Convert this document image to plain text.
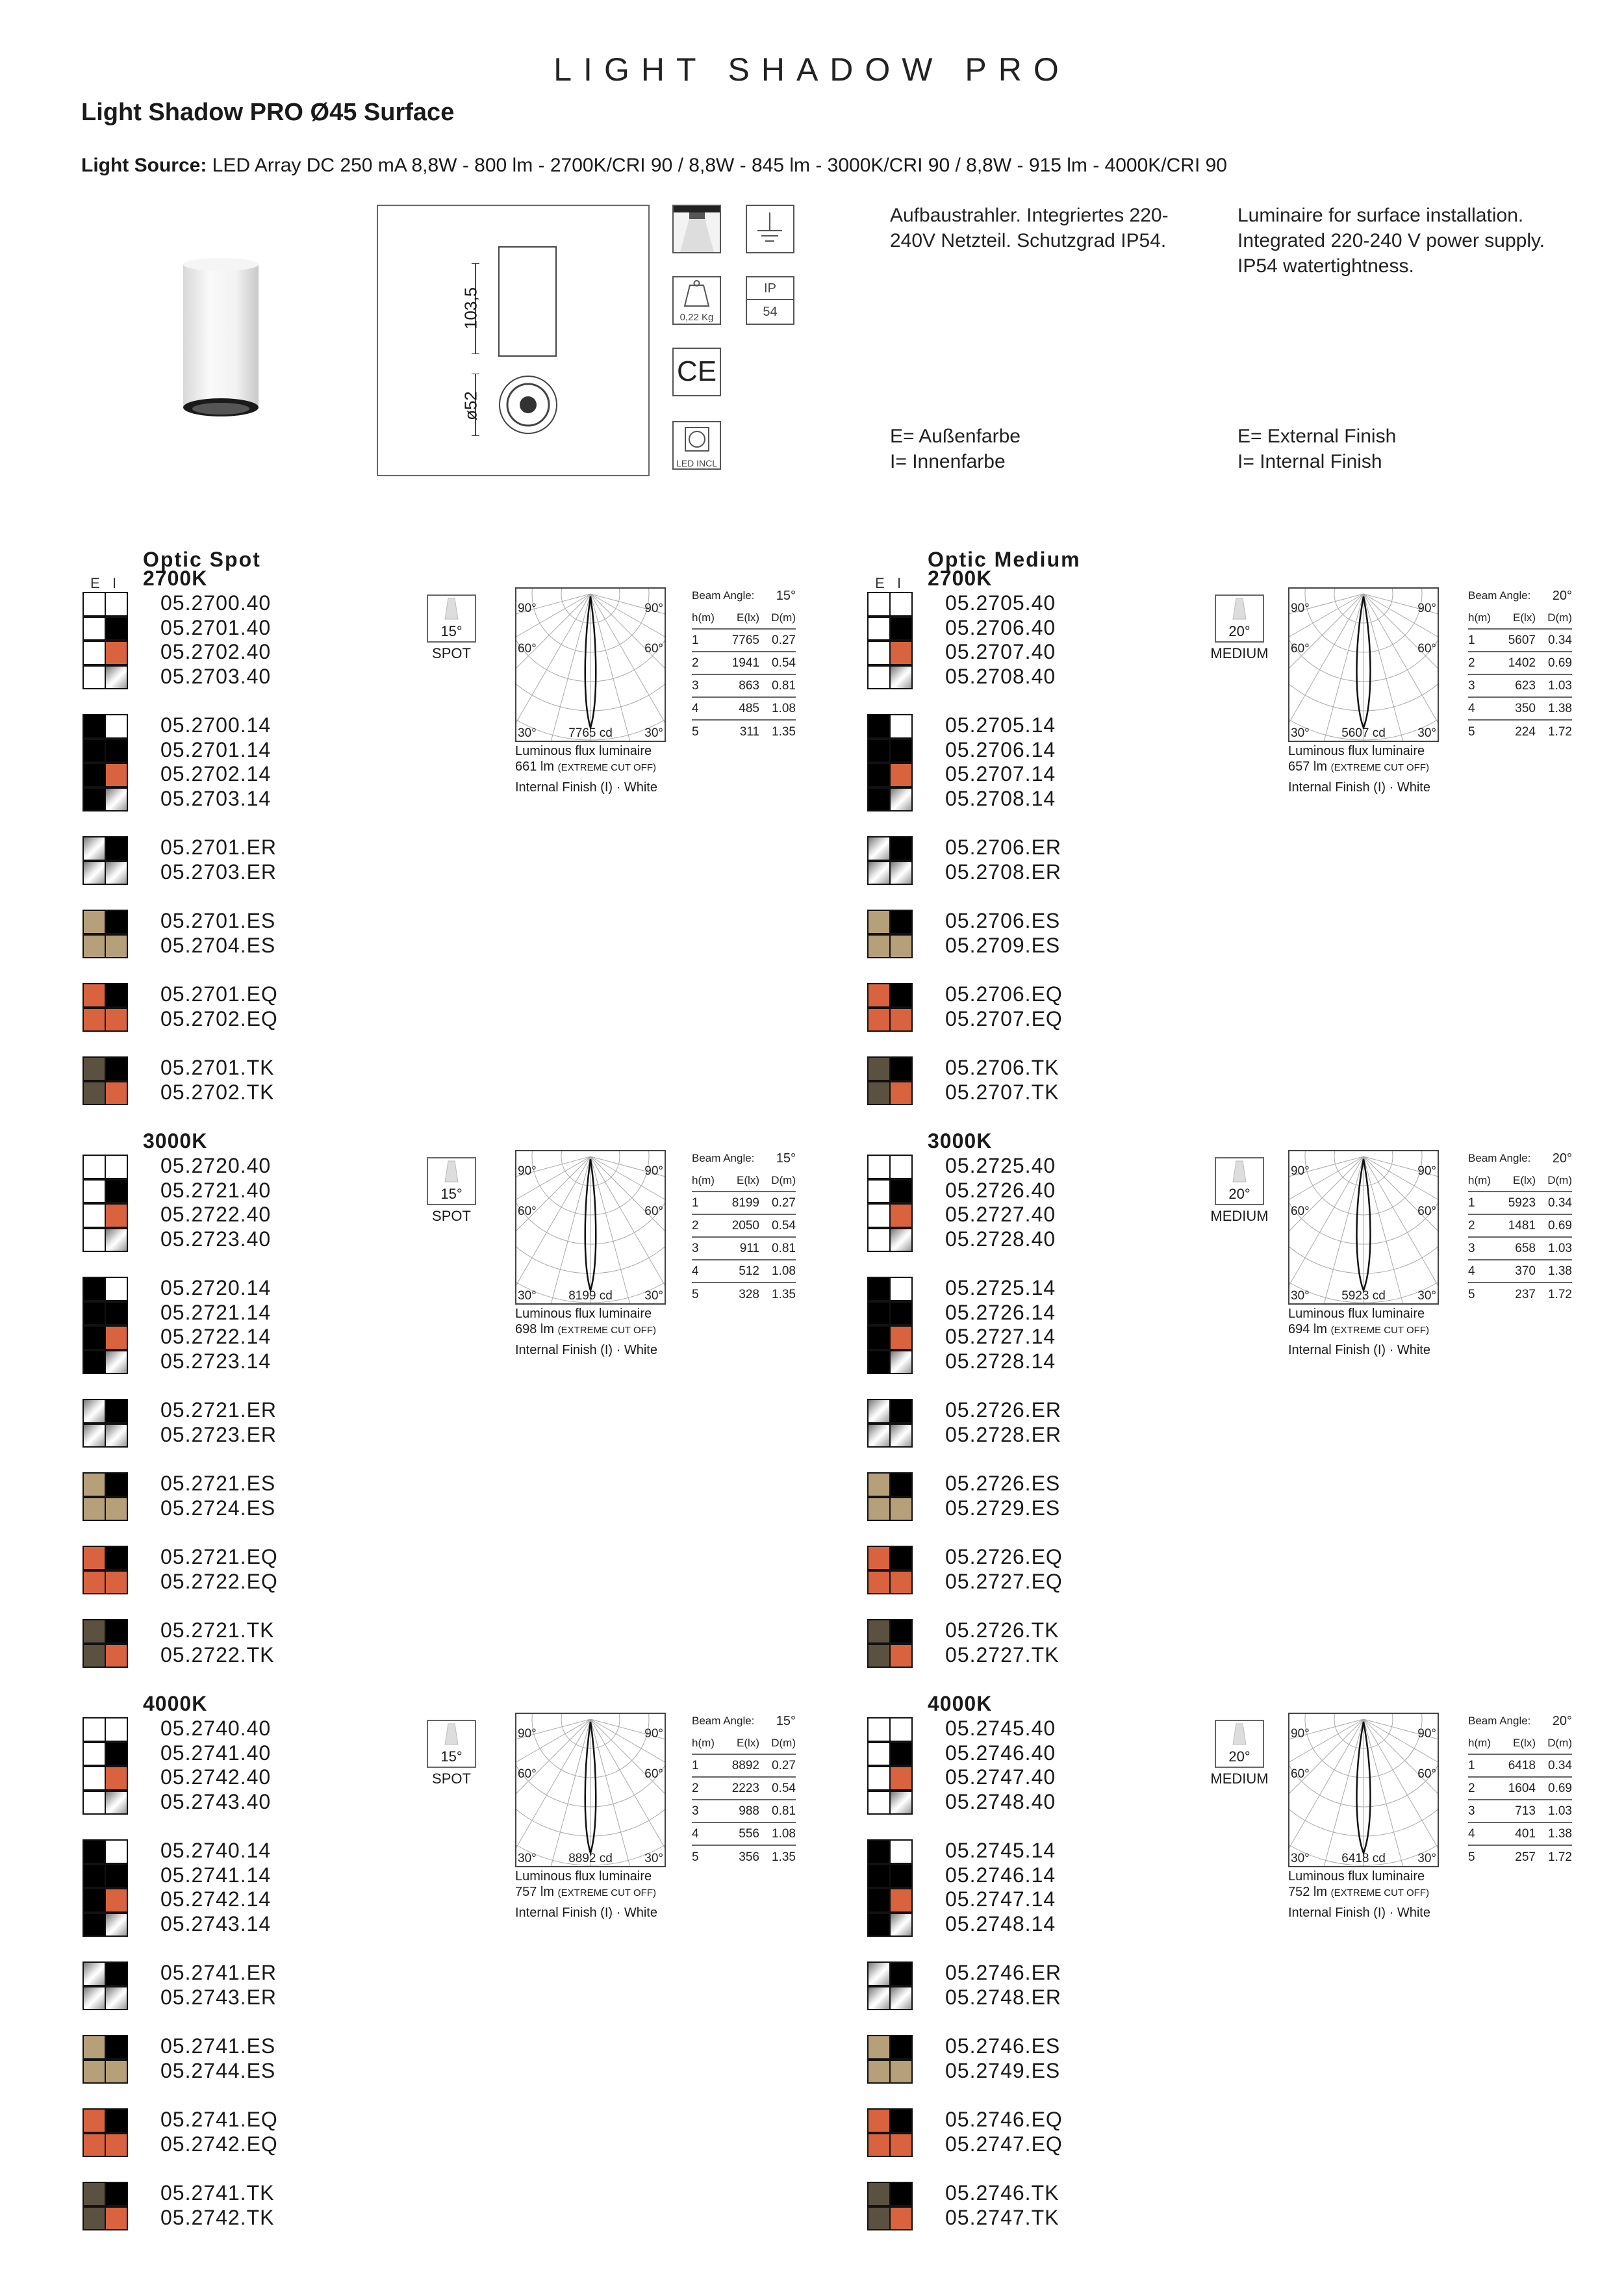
LIGHT SHADOW PRO
Light Shadow PRO Ø45 Surface
Light Source: LED Array DC 250 mA 8,8W - 800 lm - 2700K/CRI 90 / 8,8W - 845 lm - 3000K/CRI 90 / 8,8W - 915 lm - 4000K/CRI 90
103,5
ø52
0,22 Kg
IP
54
CE
LED INCL
Aufbaustrahler. Integriertes 220-
240V Netzteil. Schutzgrad IP54.
Luminaire for surface installation.
Integrated 220-240 V power supply.
IP54 watertightness.
E= Außenfarbe
I= Innenfarbe
E= External Finish
I= Internal Finish
Optic Spot
E I 2700K
05.2700.40
05.2701.40
05.2702.40
05.2703.40
05.2700.14
05.2701.14
05.2702.14
05.2703.14
05.2701.ER
05.2703.ER
05.2701.ES
05.2704.ES
05.2701.EQ
05.2702.EQ
05.2701.TK
05.2702.TK
15°
SPOT
90°	90°
60°	60°
30°	30°
7765 cd
Luminous flux luminaire
661 lm (EXTREME CUT OFF)
Internal Finish (I) · White
Beam Angle: 15°
h(m)	E(lx)	D(m)
1	7765	0.27
2	1941	0.54
3	863	0.81
4	485	1.08
5	311	1.35
3000K
05.2720.40
05.2721.40
05.2722.40
05.2723.40
05.2720.14
05.2721.14
05.2722.14
05.2723.14
05.2721.ER
05.2723.ER
05.2721.ES
05.2724.ES
05.2721.EQ
05.2722.EQ
05.2721.TK
05.2722.TK
15°
SPOT
90°	90°
60°	60°
30°	30°
8199 cd
Luminous flux luminaire
698 lm (EXTREME CUT OFF)
Internal Finish (I) · White
Beam Angle: 15°
h(m)	E(lx)	D(m)
1	8199	0.27
2	2050	0.54
3	911	0.81
4	512	1.08
5	328	1.35
4000K
05.2740.40
05.2741.40
05.2742.40
05.2743.40
05.2740.14
05.2741.14
05.2742.14
05.2743.14
05.2741.ER
05.2743.ER
05.2741.ES
05.2744.ES
05.2741.EQ
05.2742.EQ
05.2741.TK
05.2742.TK
15°
SPOT
90°	90°
60°	60°
30°	30°
8892 cd
Luminous flux luminaire
757 lm (EXTREME CUT OFF)
Internal Finish (I) · White
Beam Angle: 15°
h(m)	E(lx)	D(m)
1	8892	0.27
2	2223	0.54
3	988	0.81
4	556	1.08
5	356	1.35
Optic Medium
E I 2700K
05.2705.40
05.2706.40
05.2707.40
05.2708.40
05.2705.14
05.2706.14
05.2707.14
05.2708.14
05.2706.ER
05.2708.ER
05.2706.ES
05.2709.ES
05.2706.EQ
05.2707.EQ
05.2706.TK
05.2707.TK
20°
MEDIUM
90°	90°
60°	60°
30°	30°
5607 cd
Luminous flux luminaire
657 lm (EXTREME CUT OFF)
Internal Finish (I) · White
Beam Angle: 20°
h(m)	E(lx)	D(m)
1	5607	0.34
2	1402	0.69
3	623	1.03
4	350	1.38
5	224	1.72
3000K
05.2725.40
05.2726.40
05.2727.40
05.2728.40
05.2725.14
05.2726.14
05.2727.14
05.2728.14
05.2726.ER
05.2728.ER
05.2726.ES
05.2729.ES
05.2726.EQ
05.2727.EQ
05.2726.TK
05.2727.TK
20°
MEDIUM
90°	90°
60°	60°
30°	30°
5923 cd
Luminous flux luminaire
694 lm (EXTREME CUT OFF)
Internal Finish (I) · White
Beam Angle: 20°
h(m)	E(lx)	D(m)
1	5923	0.34
2	1481	0.69
3	658	1.03
4	370	1.38
5	237	1.72
4000K
05.2745.40
05.2746.40
05.2747.40
05.2748.40
05.2745.14
05.2746.14
05.2747.14
05.2748.14
05.2746.ER
05.2748.ER
05.2746.ES
05.2749.ES
05.2746.EQ
05.2747.EQ
05.2746.TK
05.2747.TK
20°
MEDIUM
90°	90°
60°	60°
30°	30°
6418 cd
Luminous flux luminaire
752 lm (EXTREME CUT OFF)
Internal Finish (I) · White
Beam Angle: 20°
h(m)	E(lx)	D(m)
1	6418	0.34
2	1604	0.69
3	713	1.03
4	401	1.38
5	257	1.72
